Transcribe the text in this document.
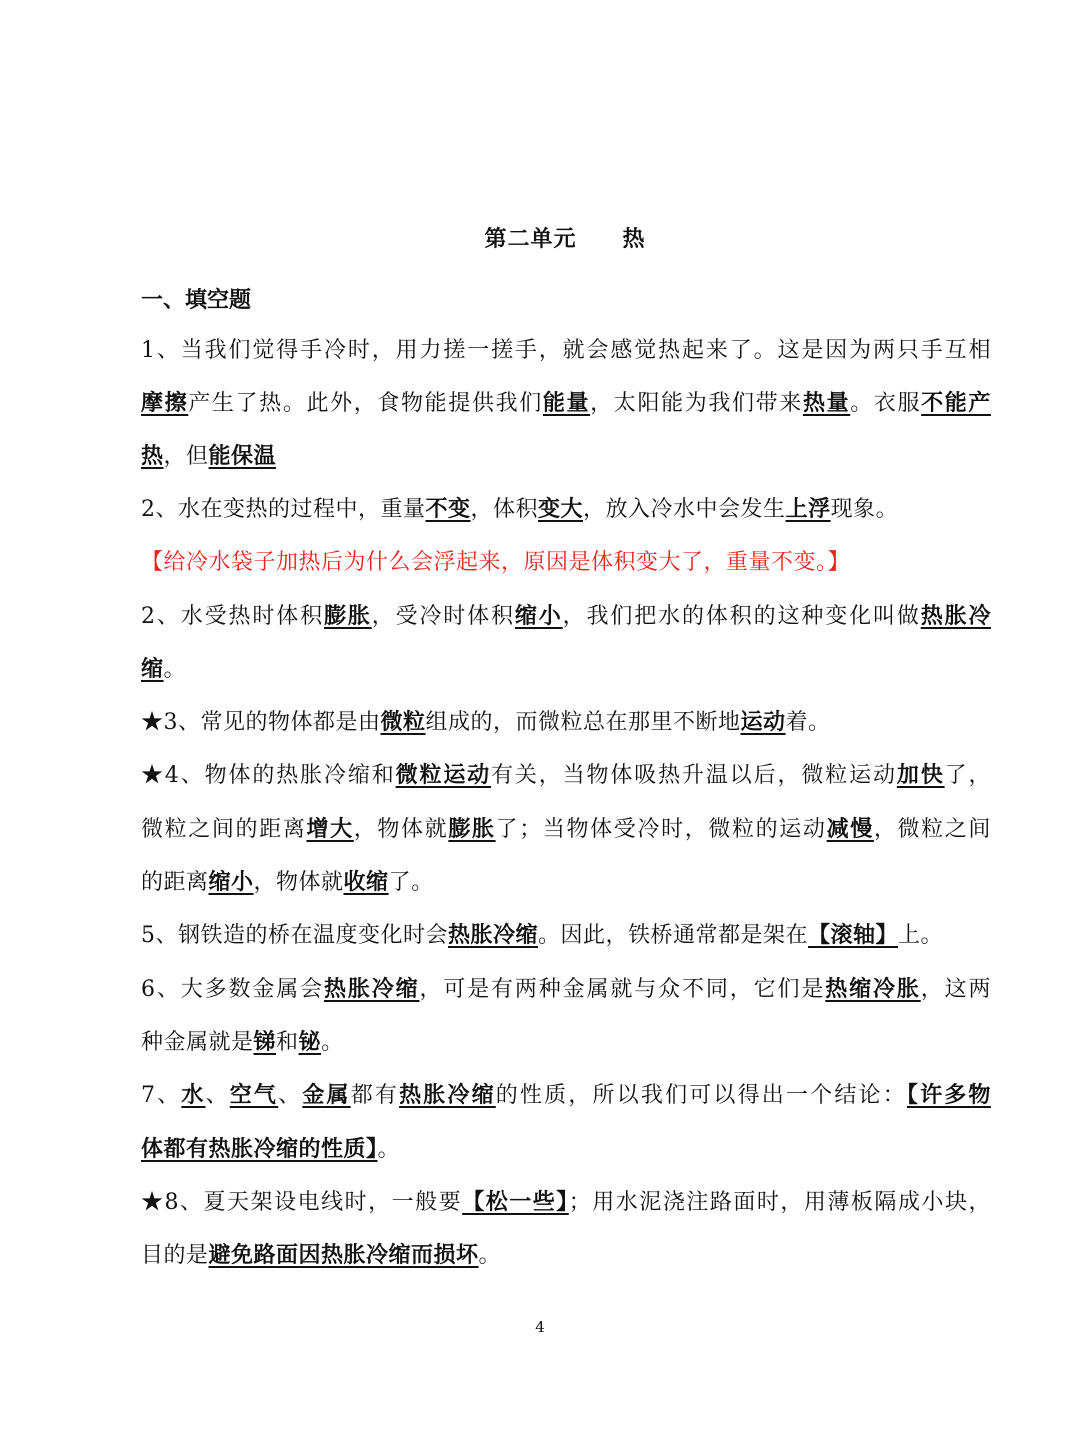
第二单元　　热
一、填空题
1、当我们觉得手冷时，用力搓一搓手，就会感觉热起来了。这是因为两只手互相
摩擦产生了热。此外，食物能提供我们能量，太阳能为我们带来热量。衣服不能产
热，但能保温
2、水在变热的过程中，重量不变，体积变大，放入冷水中会发生上浮现象。
【给冷水袋子加热后为什么会浮起来，原因是体积变大了，重量不变。】
2、水受热时体积膨胀，受冷时体积缩小，我们把水的体积的这种变化叫做热胀冷
缩。
★3、常见的物体都是由微粒组成的，而微粒总在那里不断地运动着。
★4、物体的热胀冷缩和微粒运动有关，当物体吸热升温以后，微粒运动加快了，
微粒之间的距离增大，物体就膨胀了；当物体受冷时，微粒的运动减慢，微粒之间
的距离缩小，物体就收缩了。
5、钢铁造的桥在温度变化时会热胀冷缩。因此，铁桥通常都是架在【滚轴】上。
6、大多数金属会热胀冷缩，可是有两种金属就与众不同，它们是热缩冷胀，这两
种金属就是锑和铋。
7、水、空气、金属都有热胀冷缩的性质，所以我们可以得出一个结论：【许多物
体都有热胀冷缩的性质】。
★8、夏天架设电线时，一般要【松一些】；用水泥浇注路面时，用薄板隔成小块，
目的是避免路面因热胀冷缩而损坏。
4
